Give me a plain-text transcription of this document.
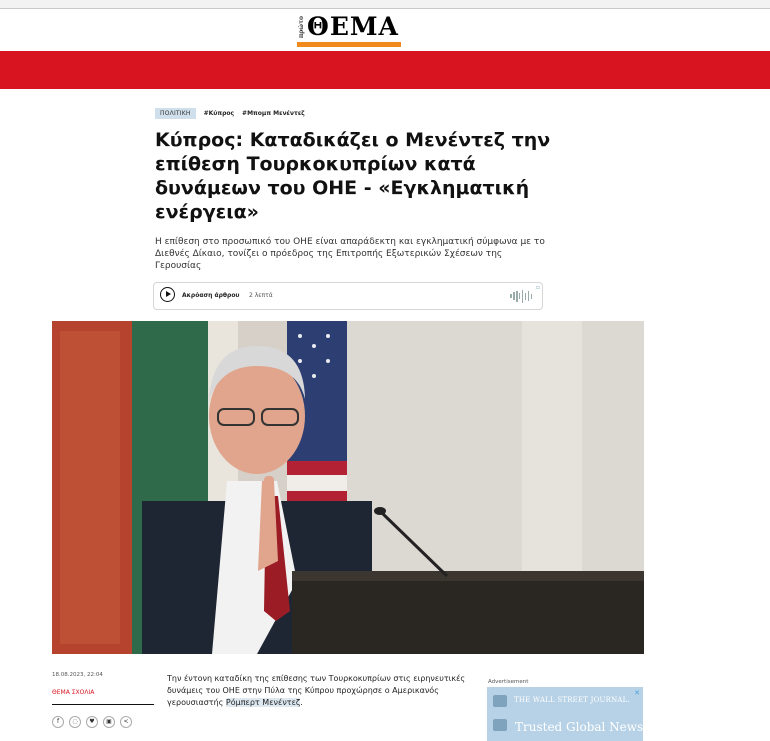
πρώτο ΘΕΜΑ
ΠΟΛΙΤΙΚΗ	#Κύπρος #Μπομπ Μενέντεζ
Κύπρος: Καταδικάζει ο Μενέντεζ την επίθεση Τουρκοκυπρίων κατά δυνάμεων του ΟΗΕ - «Εγκληματική ενέργεια»

Η επίθεση στο προσωπικό του ΟΗΕ είναι απαράδεκτη και εγκληματική σύμφωνα με το Διεθνές Δίκαιο, τονίζει ο πρόεδρος της Επιτροπής Εξωτερικών Σχέσεων της Γερουσίας

Ακρόαση άρθρου 2 λεπτά
▫
18.08.2023, 22:04
ΘΕΜΑ ΣΧΟΛΙΑ
f	◌	♥	▣	<

Την έντονη καταδίκη της επίθεσης των Τουρκοκυπρίων στις ειρηνευτικές δυνάμεις του ΟΗΕ στην Πύλα της Κύπρου προχώρησε ο Αμερικανός γερουσιαστής Ρόμπερτ Μενέντεζ.

Advertisement
✕
THE WALL STREET JOURNAL.
Trusted Global News
